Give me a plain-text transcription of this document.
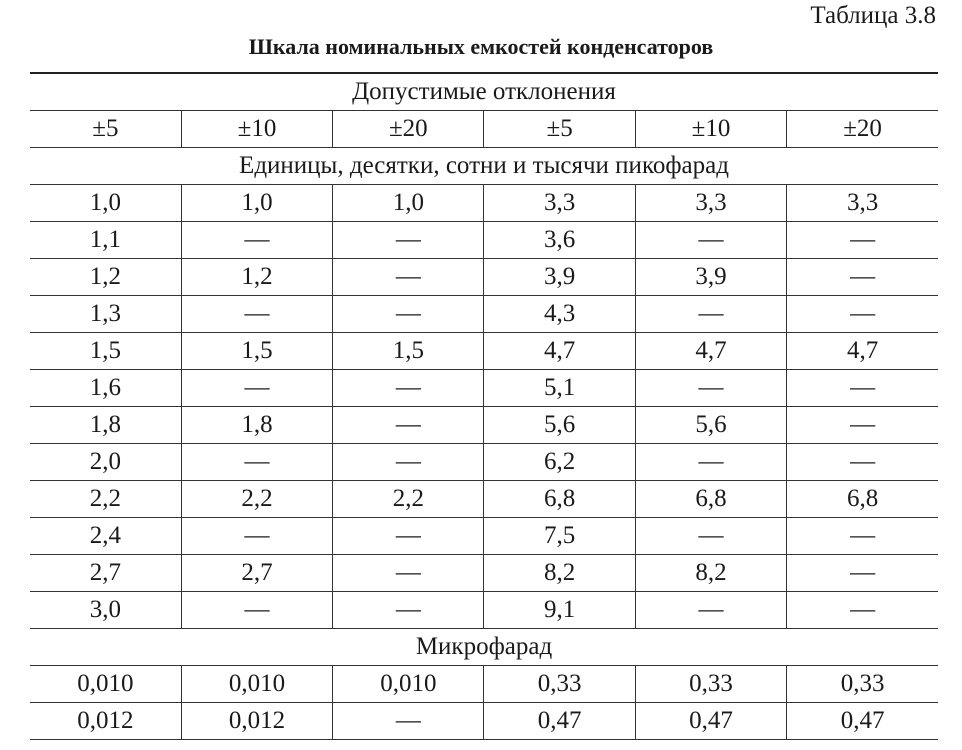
Таблица 3.8
Шкала номинальных емкостей конденсаторов
Допустимые отклонения					
±5	±10	±20	±5	±10	±20
Единицы, десятки, сотни и тысячи пикофарад					
1,0	1,0	1,0	3,3	3,3	3,3
1,1	—	—	3,6	—	—
1,2	1,2	—	3,9	3,9	—
1,3	—	—	4,3	—	—
1,5	1,5	1,5	4,7	4,7	4,7
1,6	—	—	5,1	—	—
1,8	1,8	—	5,6	5,6	—
2,0	—	—	6,2	—	—
2,2	2,2	2,2	6,8	6,8	6,8
2,4	—	—	7,5	—	—
2,7	2,7	—	8,2	8,2	—
3,0	—	—	9,1	—	—
Микрофарад					
0,010	0,010	0,010	0,33	0,33	0,33
0,012	0,012	—	0,47	0,47	0,47
